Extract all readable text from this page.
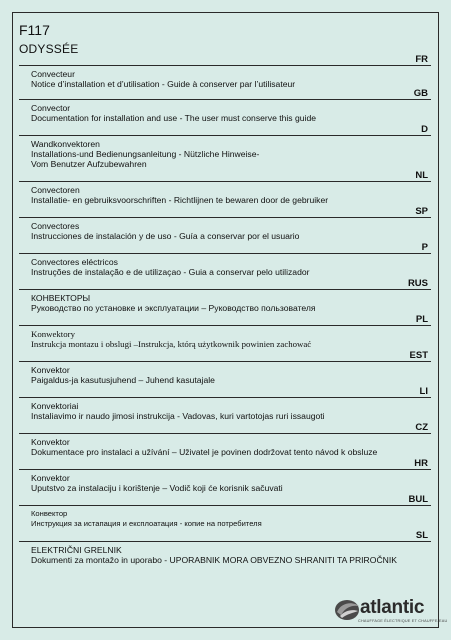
F117
ODYSSÉE
FR
Convecteur
Notice d’installation et d’utilisation - Guide à conserver par l’utilisateur
GB
Convector
Documentation for installation and use - The user must conserve this guide
D
Wandkonvektoren
Installations-und Bedienungsanleitung - Nützliche Hinweise-
Vom Benutzer Aufzubewahren
NL
Convectoren
Installatie- en gebruiksvoorschriften - Richtlijnen te bewaren door de gebruiker
SP
Convectores
Instrucciones de instalación y de uso - Guía a conservar por el usuario
P
Convectores eléctricos
Instruções de instalação e de utilizaçao - Guia a conservar pelo utilizador
RUS
КОНВЕКТОРЫ
Руководство по установке и эксплуатации – Руководство пользователя
PL
Konwektory
Instrukcja montazu i obslugi –Instrukcja, którą użytkownik powinien zachować
EST
Konvektor
Paigaldus-ja kasutusjuhend – Juhend kasutajale
LI
Konvektoriai
Instaliavimo ir naudo jimosi instrukcija - Vadovas, kuri vartotojas ruri issaugoti
CZ
Konvektor
Dokumentace pro instalaci a užívání – Uživatel je povinen dodržovat tento návod k obsluze
HR
Konvektor
Uputstvo za instalaciju i korištenje – Vodič koji će korisnik sačuvati
BUL
Конвектор
Инструкция за истапация и експлоатация - копие на потребителя
SL
ELEKTRIČNI GRELNIK
Dokumenti za montažo in uporabo - UPORABNIK MORA OBVEZNO SHRANITI TA PRIROČNIK
atlantic
CHAUFFAGE ÉLECTRIQUE ET CHAUFFE-EAU
